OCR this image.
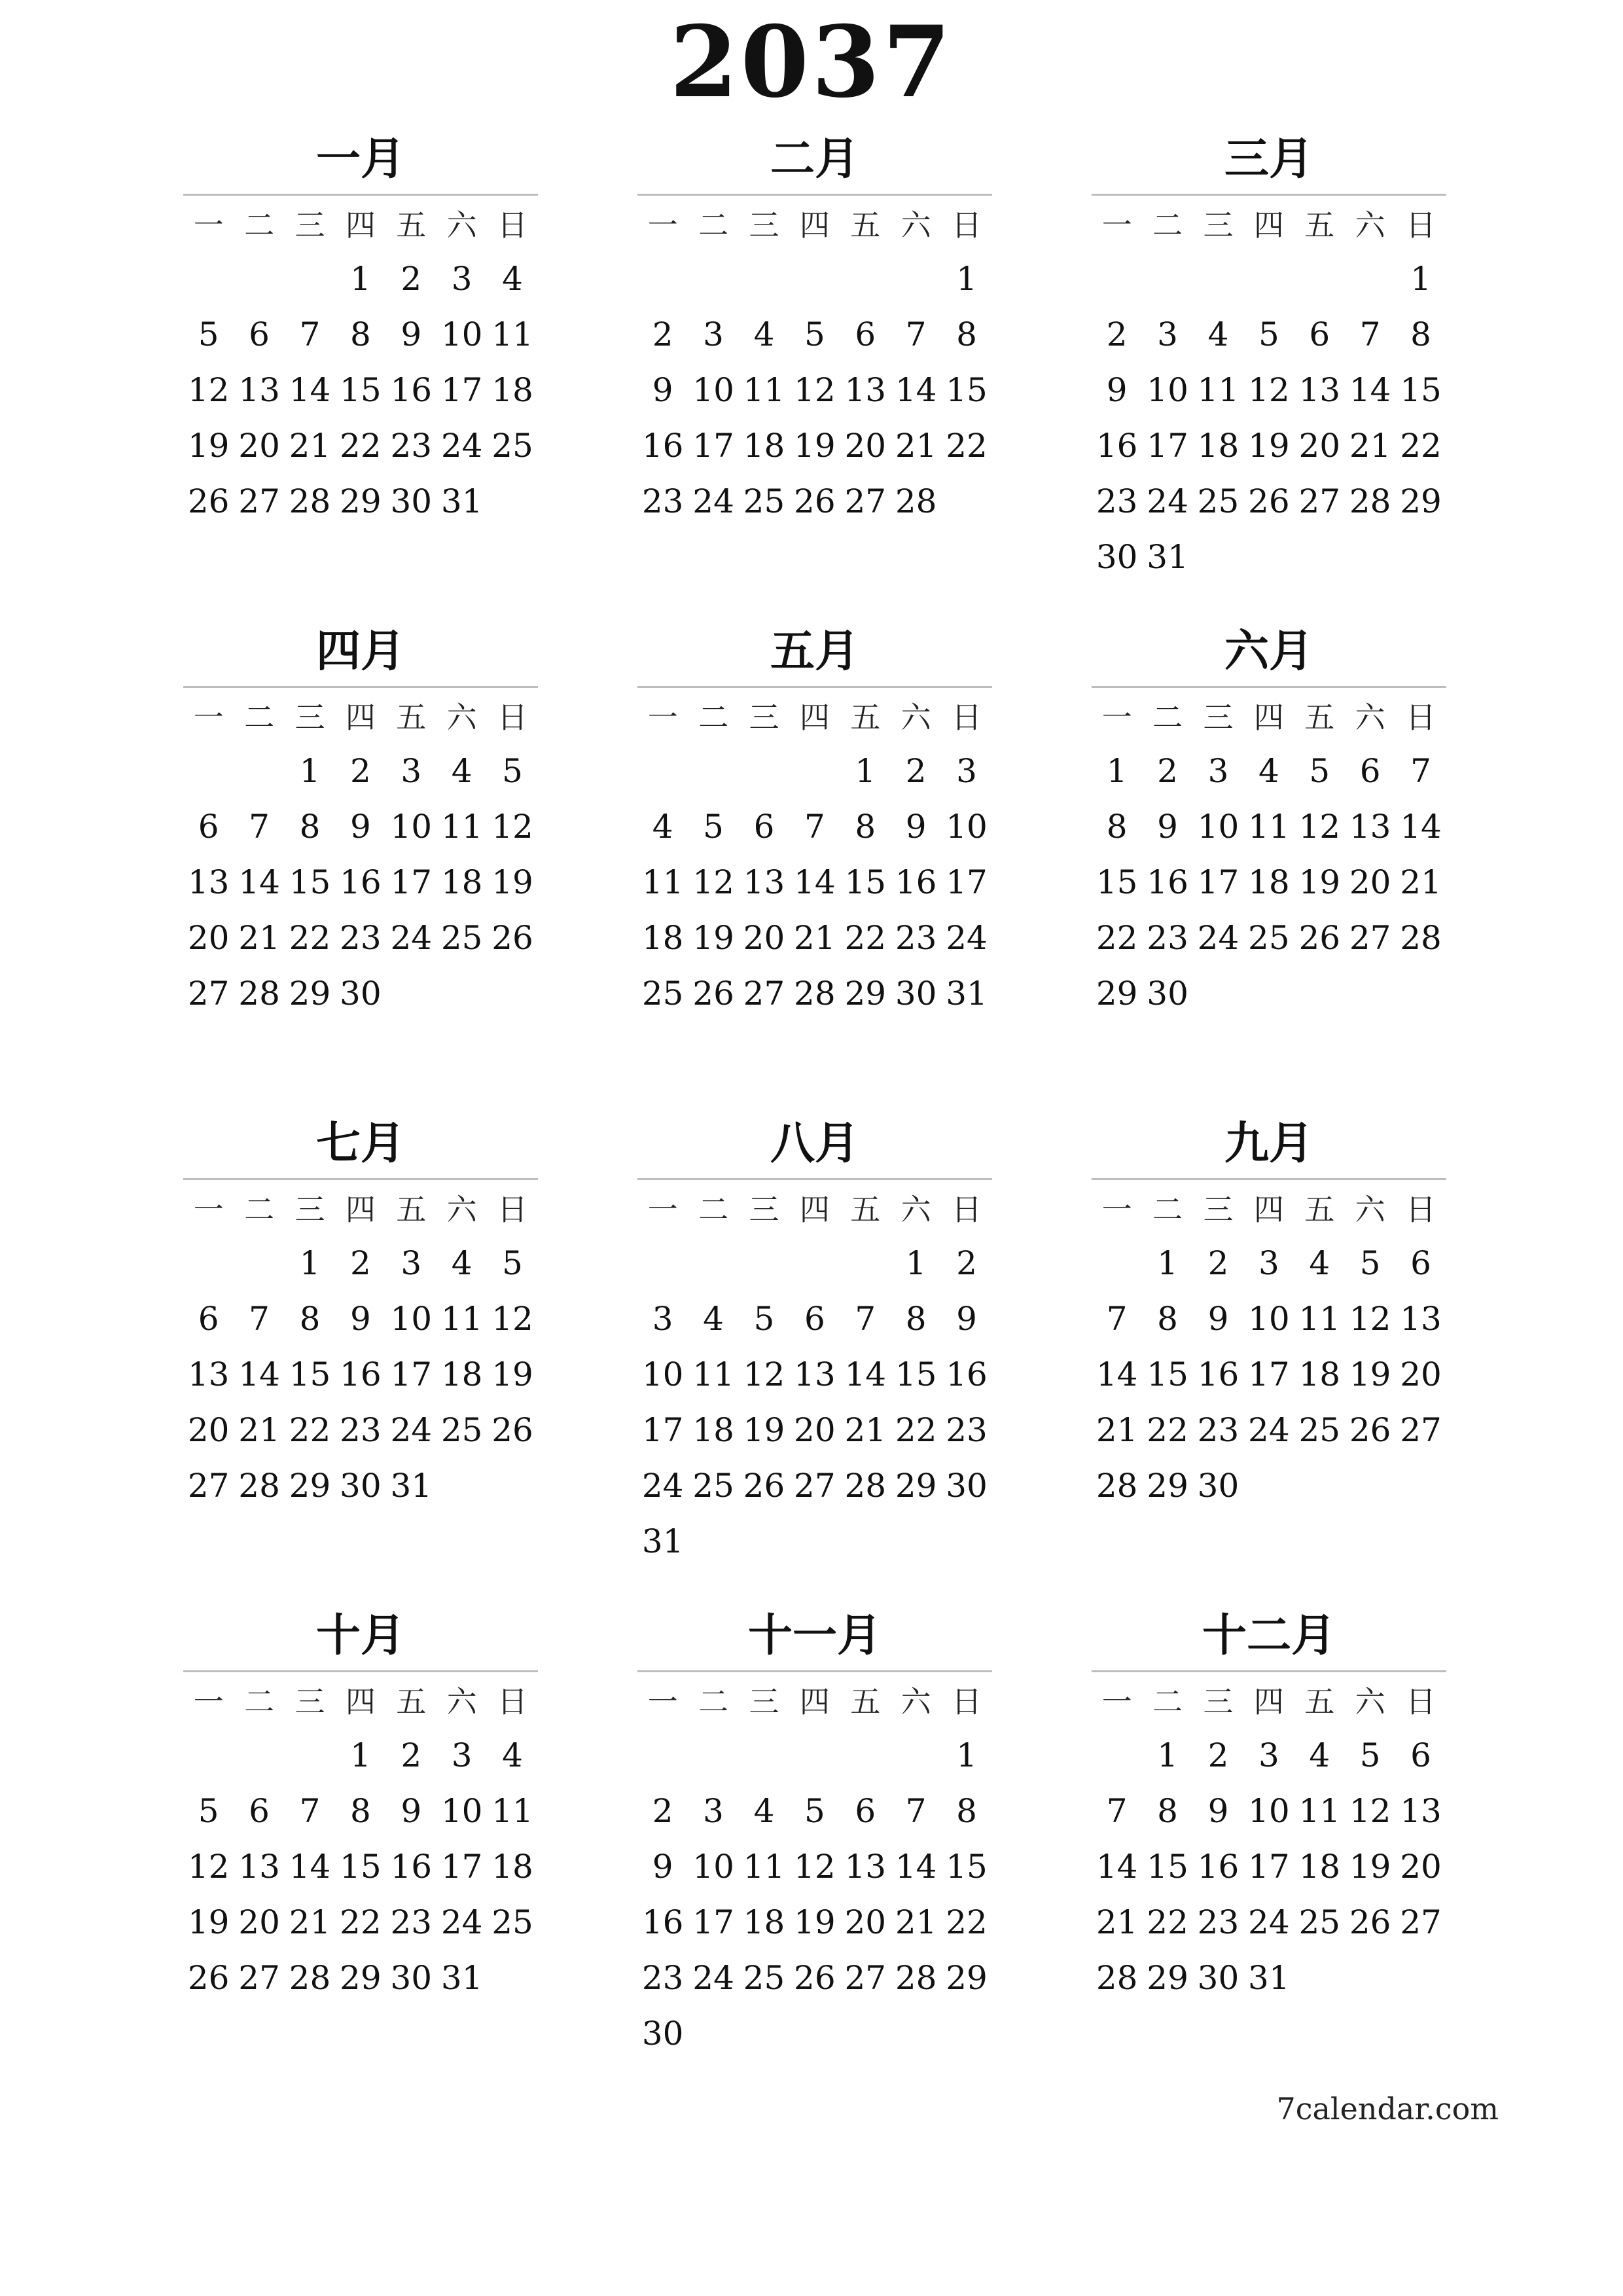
2037
一月
一 二 三 四 五 六 日
1 2 3 4
5 6 7 8 9 10 11
12 13 14 15 16 17 18
19 20 21 22 23 24 25
26 27 28 29 30 31
二月
一 二 三 四 五 六 日
1
2 3 4 5 6 7 8
9 10 11 12 13 14 15
16 17 18 19 20 21 22
23 24 25 26 27 28
三月
一 二 三 四 五 六 日
1
2 3 4 5 6 7 8
9 10 11 12 13 14 15
16 17 18 19 20 21 22
23 24 25 26 27 28 29
30 31
四月
一 二 三 四 五 六 日
1 2 3 4 5
6 7 8 9 10 11 12
13 14 15 16 17 18 19
20 21 22 23 24 25 26
27 28 29 30
五月
一 二 三 四 五 六 日
1 2 3
4 5 6 7 8 9 10
11 12 13 14 15 16 17
18 19 20 21 22 23 24
25 26 27 28 29 30 31
六月
一 二 三 四 五 六 日
1 2 3 4 5 6 7
8 9 10 11 12 13 14
15 16 17 18 19 20 21
22 23 24 25 26 27 28
29 30
七月
一 二 三 四 五 六 日
1 2 3 4 5
6 7 8 9 10 11 12
13 14 15 16 17 18 19
20 21 22 23 24 25 26
27 28 29 30 31
八月
一 二 三 四 五 六 日
1 2
3 4 5 6 7 8 9
10 11 12 13 14 15 16
17 18 19 20 21 22 23
24 25 26 27 28 29 30
31
九月
一 二 三 四 五 六 日
1 2 3 4 5 6
7 8 9 10 11 12 13
14 15 16 17 18 19 20
21 22 23 24 25 26 27
28 29 30
十月
一 二 三 四 五 六 日
1 2 3 4
5 6 7 8 9 10 11
12 13 14 15 16 17 18
19 20 21 22 23 24 25
26 27 28 29 30 31
十一月
一 二 三 四 五 六 日
1
2 3 4 5 6 7 8
9 10 11 12 13 14 15
16 17 18 19 20 21 22
23 24 25 26 27 28 29
30
十二月
一 二 三 四 五 六 日
1 2 3 4 5 6
7 8 9 10 11 12 13
14 15 16 17 18 19 20
21 22 23 24 25 26 27
28 29 30 31
7calendar.com
